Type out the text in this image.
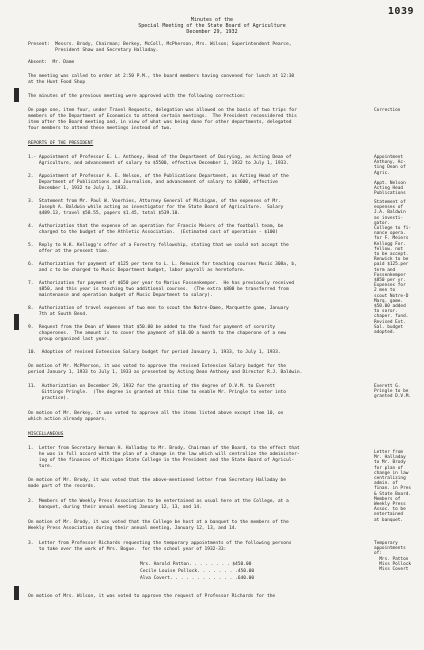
Minutes of the
Special Meeting of the State Board of Agriculture
December 29, 1932
1039
Present:  Messrs. Brody, Chairman; Berkey, McColl, McPherson, Mrs. Wilson; Superintendent Pearce,
President Shaw and Secretary Halladay.
Absent:  Mr. Dame
The meeting was called to order at 2:50 P.M., the board members having convened for lunch at 12:30
at the Hunt Food Shop
The minutes of the previous meeting were approved with the following correction:
On page one, item four, under Travel Requests, delegation was allowed on the basis of two trips for
members of the Department of Economics to attend certain meetings.  The President reconsidered this
item after the Board meeting and, in view of what was being done for other departments, delegated
four members to attend these meetings instead of two.
REPORTS OF THE PRESIDENT
1.- Appointment of Professor E. L. Anthony, Head of the Department of Dairying, as Acting Dean of
Agriculture, and advancement of salary to $5500, effective December 1, 1932 to July 1, 1933.
2.  Appointment of Professor A. E. Nelson, of the Publications Department, as Acting Head of the
Department of Publications and Journalism, and advancement of salary to $3600, effective
December 1, 1932 to July 1, 1933.
3.  Statement from Mr. Paul W. Voorhies, Attorney General of Michigan, of the expenses of Mr.
Joseph A. Baldwin while acting as investigator for the State Board of Agriculture.  Salary
$489.13, travel $58.55, papers $1.45, total $539.10.
4.  Authorization that the expense of an operation for Francis Meiers of the football team, be
charged to the budget of the Athletic Association.  (Estimated cost of operation - $100)
5.  Reply to W.K. Kellogg's offer of a Forestry fellowship, stating that we could not accept the
offer at the present time.
6.  Authorization for payment of $125 per term to L. L. Renwick for teaching courses Music 308a, b,
and c to be charged to Music Department budget, labor payroll as heretofore.
7.  Authorization for payment of $650 per year to Marius Fossenkemper.  He has previously received
$850, and this year is teaching two additional courses.  (The extra $800 be transferred from
maintenance and operation budget of Music Department to salary).
8.  Authorization of travel expenses of two men to scout the Notre-Dame, Marquette game, January
7th at South Bend.
9.  Request from the Dean of Women that $50.00 be added to the fund for payment of sorority
chaperones.  The amount is to cover the payment of $10.00 a month to the chaperone of a new
group organized last year.
10.  Adoption of revised Extension Salary budget for period January 1, 1933, to July 1, 1933.
On motion of Mr. McPherson, it was voted to approve the revised Extension Salary budget for the
period January 1, 1933 to July 1, 1933 as presented by Acting Dean Anthony and Director R.J. Baldwin.
11.  Authorization on December 29, 1932 for the granting of the degree of D.V.M. to Everett
Gittings Pringle.  (The degree is granted at this time to enable Mr. Pringle to enter into
practice).
On motion of Mr. Berkey, it was voted to approve all the items listed above except item 10, on
which action already appears.
MISCELLANEOUS
1.  Letter from Secretary Herman H. Halladay to Mr. Brody, Chairman of the Board, to the effect that
he was in full accord with the plan of a change in the law which will centralize the administer-
ing of the finances of Michigan State College in the President and the State Board of Agricul-
ture.
On motion of Mr. Brody, it was voted that the above-mentioned letter from Secretary Halladay be
made part of the records.
2.  Members of the Weekly Press Association to be entertained as usual here at the College, at a
banquet, during their annual meeting January 12, 13, and 14.
On motion of Mr. Brody, it was voted that the College be host at a banquet to the members of the
Weekly Press Association during their annual meeting, January 12, 13, and 14.
3.  Letter from Professor Richards requesting the temporary appointments of the following persons
to take over the work of Mrs. Bogue.  for the school year of 1932-33:
Mrs. Harold Patton. . . . . . . . $450.00
Cecile Louise Pollock. . . . . . . .450.00
Alva Covert. . . . . . . . . . . . .640.00
On motion of Mrs. Wilson, it was voted to approve the request of Professor Richards for the
Correction
Appointment
Anthony, Ac-
ting Dean of
Agric.
Appt. Nelson
Acting Head
Publications
Statement of
expenses of
J.A. Baldwin
as investi-
gator.
College to fi-
nance opera.
for F. Meiers
Kellogg For.
fellow. not
to be accept.
Renwick to be
paid $125.per
term and
Fossenkemper
$850 per yr.
Expenses for
2 men to
scout Notre-D
Marq. game.
$50.00 added
to soror.
chaper. fund.
Revised Ext.
Sal. budget
adopted.
Everett G.
Pringle to be
granted D.V.M.
Letter from
Mr. Halladay
to Mr. Brody
for plan of
change in law
centralizing
admin. of
finan. in Pres
& State Board.
Members of
Weekly Press
Assoc. to be
entertained
at banquet.
Temporary
appointments
of:
Mrs. Patton
Miss Pollock
Miss Covert
